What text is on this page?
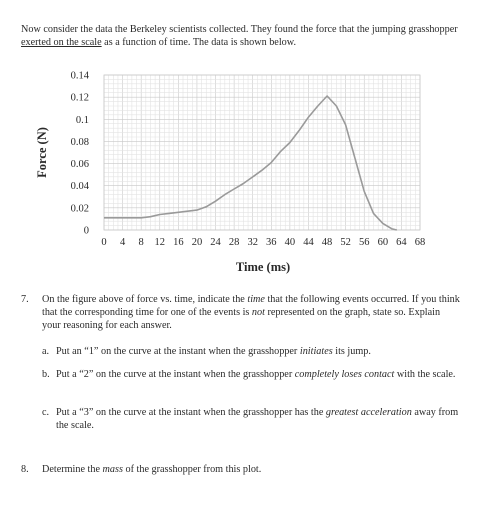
Now consider the data the Berkeley scientists collected. They found the force that the jumping grasshopper exerted on the scale as a function of time. The data is shown below.

0 4 8 12 16 20 24 28 32 36 40 44 48 52 56 60 64 68
0
0.02
0.04
0.06
0.08
0.1
0.12
0.14
Time (ms)
Force (N)
7. On the figure above of force vs. time, indicate the time that the following events occurred. If you think that the corresponding time for one of the events is not represented on the graph, state so. Explain your reasoning for each answer.
a. Put an “1” on the curve at the instant when the grasshopper initiates its jump.
b. Put a “2” on the curve at the instant when the grasshopper completely loses contact with the scale.
c. Put a “3” on the curve at the instant when the grasshopper has the greatest acceleration away from the scale.
8. Determine the mass of the grasshopper from this plot.
